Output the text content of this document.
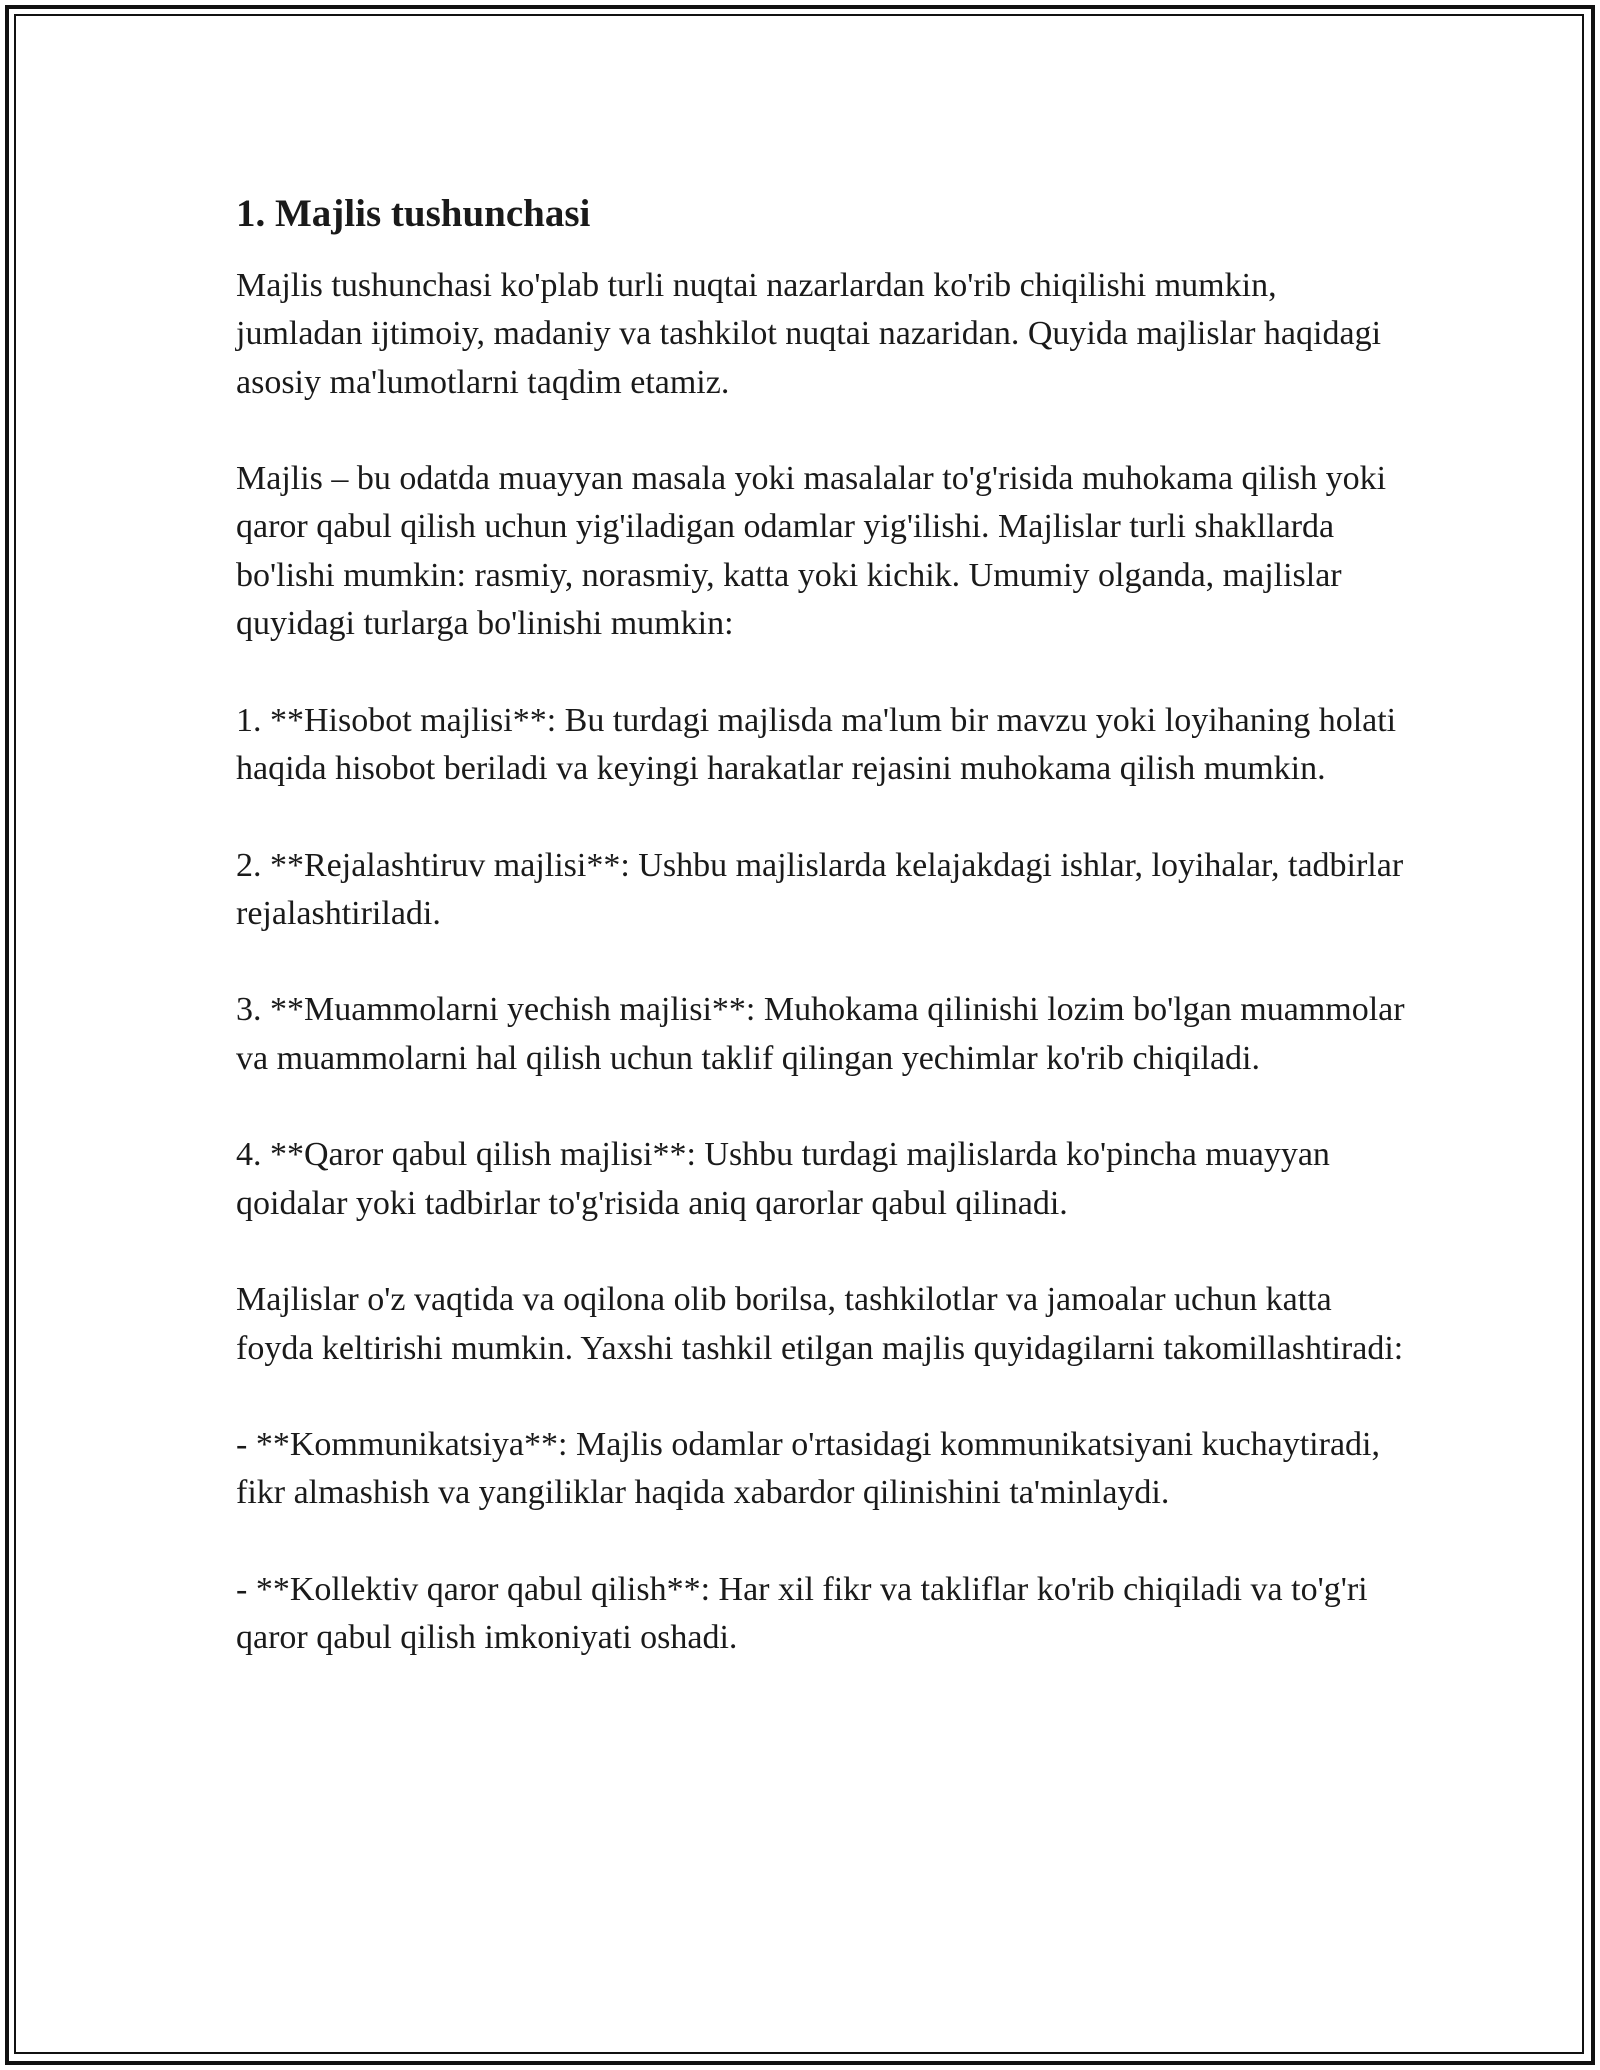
1. Majlis tushunchasi
Majlis tushunchasi ko'plab turli nuqtai nazarlardan ko'rib chiqilishi mumkin, jumladan ijtimoiy, madaniy va tashkilot nuqtai nazaridan. Quyida majlislar haqidagi asosiy ma'lumotlarni taqdim etamiz.
Majlis – bu odatda muayyan masala yoki masalalar to'g'risida muhokama qilish yoki qaror qabul qilish uchun yig'iladigan odamlar yig'ilishi. Majlislar turli shakllarda bo'lishi mumkin: rasmiy, norasmiy, katta yoki kichik. Umumiy olganda, majlislar quyidagi turlarga bo'linishi mumkin:
1. **Hisobot majlisi**: Bu turdagi majlisda ma'lum bir mavzu yoki loyihaning holati haqida hisobot beriladi va keyingi harakatlar rejasini muhokama qilish mumkin.
2. **Rejalashtiruv majlisi**: Ushbu majlislarda kelajakdagi ishlar, loyihalar, tadbirlar rejalashtiriladi.
3. **Muammolarni yechish majlisi**: Muhokama qilinishi lozim bo'lgan muammolar va muammolarni hal qilish uchun taklif qilingan yechimlar ko'rib chiqiladi.
4. **Qaror qabul qilish majlisi**: Ushbu turdagi majlislarda ko'pincha muayyan qoidalar yoki tadbirlar to'g'risida aniq qarorlar qabul qilinadi.
Majlislar o'z vaqtida va oqilona olib borilsa, tashkilotlar va jamoalar uchun katta foyda keltirishi mumkin. Yaxshi tashkil etilgan majlis quyidagilarni takomillashtiradi:
- **Kommunikatsiya**: Majlis odamlar o'rtasidagi kommunikatsiyani kuchaytiradi, fikr almashish va yangiliklar haqida xabardor qilinishini ta'minlaydi.
- **Kollektiv qaror qabul qilish**: Har xil fikr va takliflar ko'rib chiqiladi va to'g'ri qaror qabul qilish imkoniyati oshadi.
